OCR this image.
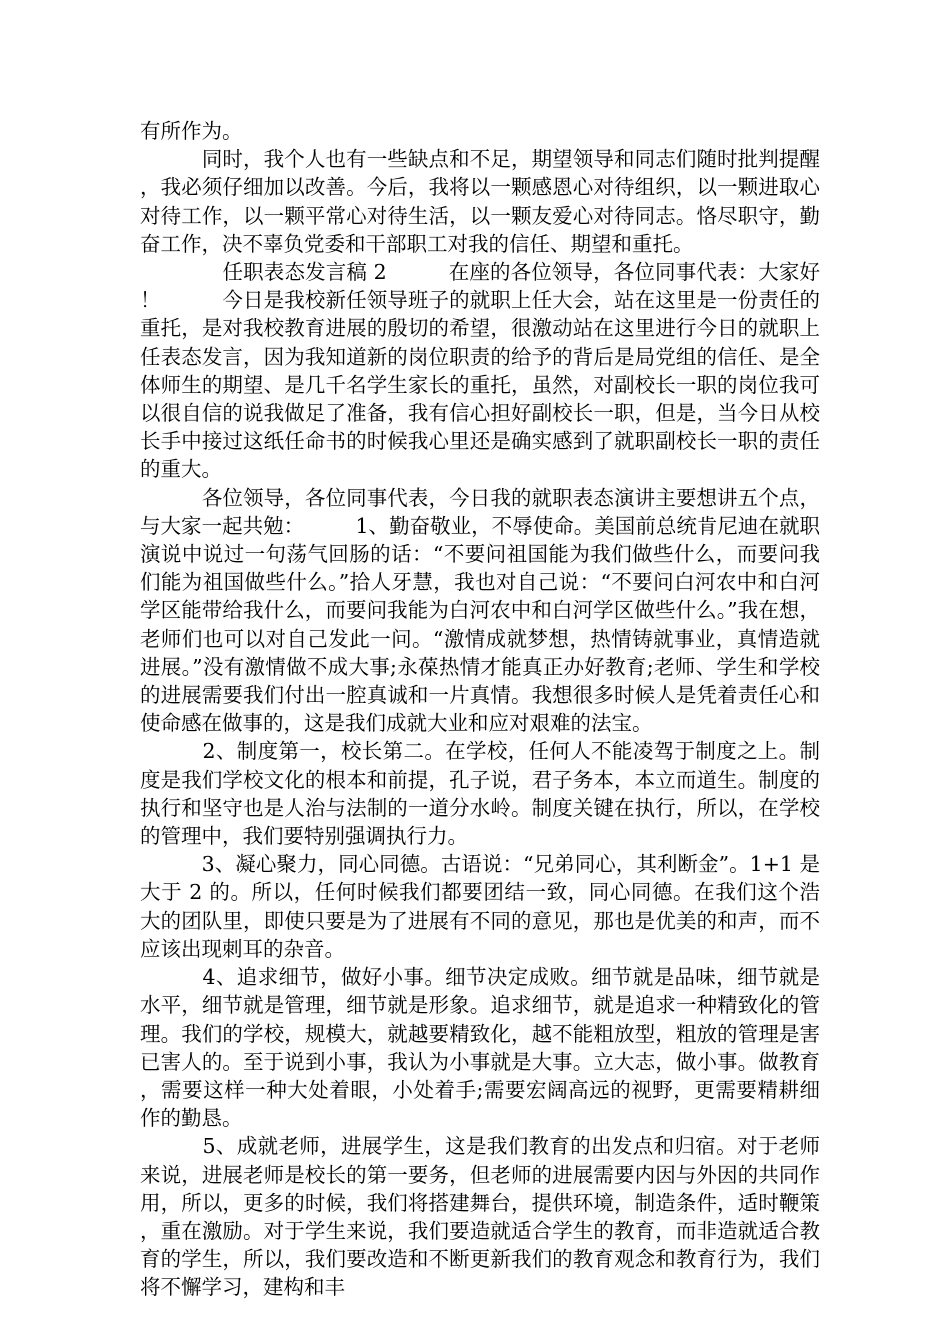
有所作为。

　　　同时，我个人也有一些缺点和不足，期望领导和同志们随时批判提醒，我必须仔细加以改善。今后，我将以一颗感恩心对待组织，以一颗进取心对待工作，以一颗平常心对待生活，以一颗友爱心对待同志。恪尽职守，勤奋工作，决不辜负党委和干部职工对我的信任、期望和重托。

　　　　任职表态发言稿 2　　　在座的各位领导，各位同事代表：大家好！　　　今日是我校新任领导班子的就职上任大会，站在这里是一份责任的重托，是对我校教育进展的殷切的希望，很激动站在这里进行今日的就职上任表态发言，因为我知道新的岗位职责的给予的背后是局党组的信任、是全体师生的期望、是几千名学生家长的重托，虽然，对副校长一职的岗位我可以很自信的说我做足了准备，我有信心担好副校长一职，但是，当今日从校长手中接过这纸任命书的时候我心里还是确实感到了就职副校长一职的责任的重大。

　　　各位领导，各位同事代表，今日我的就职表态演讲主要想讲五个点，与大家一起共勉：　　　1、勤奋敬业，不辱使命。美国前总统肯尼迪在就职演说中说过一句荡气回肠的话：“不要问祖国能为我们做些什么，而要问我们能为祖国做些什么。”拾人牙慧，我也对自己说：“不要问白河农中和白河学区能带给我什么，而要问我能为白河农中和白河学区做些什么。”我在想，老师们也可以对自己发此一问。“激情成就梦想，热情铸就事业，真情造就进展。”没有激情做不成大事;永葆热情才能真正办好教育;老师、学生和学校的进展需要我们付出一腔真诚和一片真情。我想很多时候人是凭着责任心和使命感在做事的，这是我们成就大业和应对艰难的法宝。

　　　2、制度第一，校长第二。在学校，任何人不能凌驾于制度之上。制度是我们学校文化的根本和前提，孔子说，君子务本，本立而道生。制度的执行和坚守也是人治与法制的一道分水岭。制度关键在执行，所以，在学校的管理中，我们要特别强调执行力。

　　　3、凝心聚力，同心同德。古语说：“兄弟同心，其利断金”。1+1 是大于 2 的。所以，任何时候我们都要团结一致，同心同德。在我们这个浩大的团队里，即使只要是为了进展有不同的意见，那也是优美的和声，而不应该出现刺耳的杂音。

　　　4、追求细节，做好小事。细节决定成败。细节就是品味，细节就是水平，细节就是管理，细节就是形象。追求细节，就是追求一种精致化的管理。我们的学校，规模大，就越要精致化，越不能粗放型，粗放的管理是害已害人的。至于说到小事，我认为小事就是大事。立大志，做小事。做教育，需要这样一种大处着眼，小处着手;需要宏阔高远的视野，更需要精耕细作的勤恳。

　　　5、成就老师，进展学生，这是我们教育的出发点和归宿。对于老师来说，进展老师是校长的第一要务，但老师的进展需要内因与外因的共同作用，所以，更多的时候，我们将搭建舞台，提供环境，制造条件，适时鞭策，重在激励。对于学生来说，我们要造就适合学生的教育，而非造就适合教育的学生，所以，我们要改造和不断更新我们的教育观念和教育行为，我们将不懈学习，建构和丰
